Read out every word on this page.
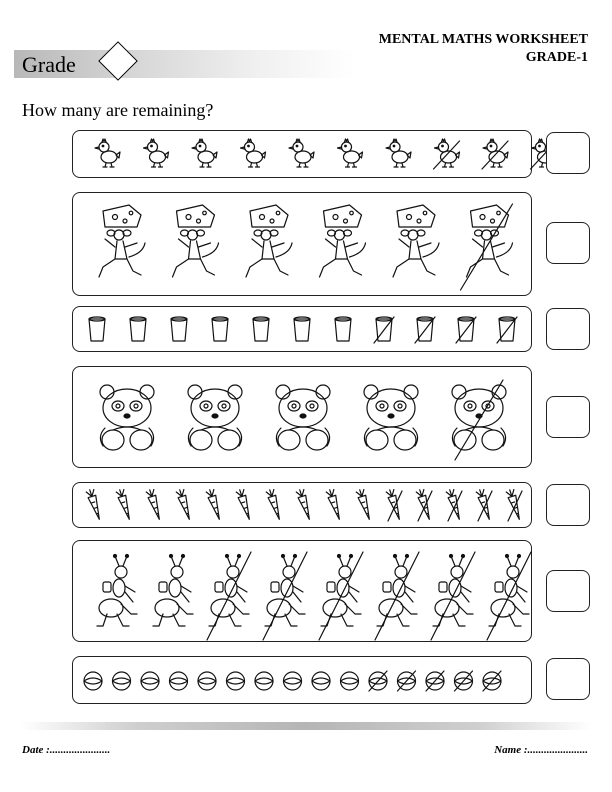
Grade
MENTAL MATHS WORKSHEET
GRADE-1
How many are remaining?
Date :......................	Name :......................
